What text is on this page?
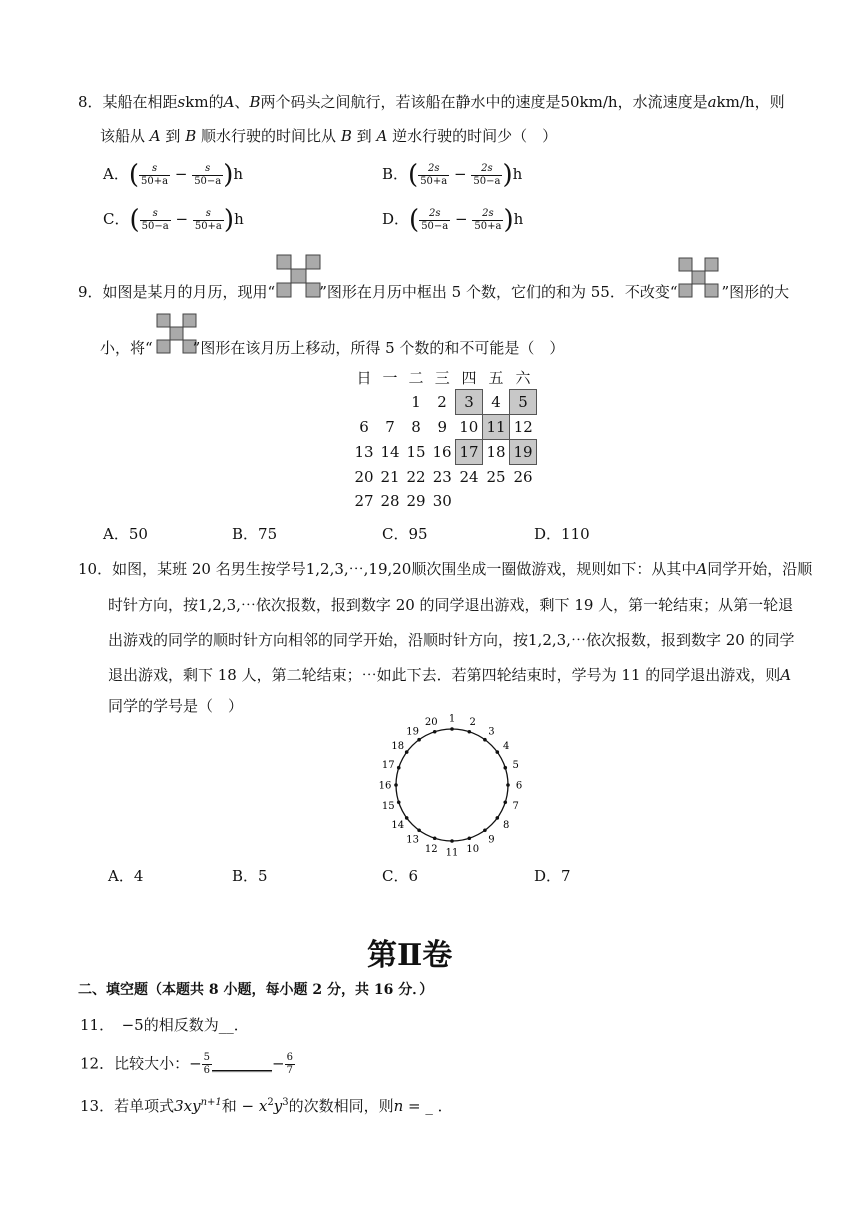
8．某船在相距skm的A、B两个码头之间航行，若该船在静水中的速度是50km/h，水流速度是akm/h，则
该船从 A 到 B 顺水行驶的时间比从 B 到 A 逆水行驶的时间少（　）
A．( $\frac{s}{50+a} - \frac{s}{50-a} )h$	B．( $\frac{2s}{50+a} - \frac{2s}{50-a} )h$
C．( $\frac{s}{50-a} - \frac{s}{50+a} )h$	D．( $\frac{2s}{50-a} - \frac{2s}{50+a} )h$
9．如图是某月的月历，现用“	”图形在月历中框出 5 个数，它们的和为 55．不改变“	”图形的大
小，将“	”图形在该月历上移动，所得 5 个数的和不可能是（　）
日	一	二	三	四	五	六
		1	2	3	4	5
6	7	8	9	10	11	12
13	14	15	16	17	18	19
20	21	22	23	24	25	26
27	28	29	30			
A．50	B．75	C．95	D．110
10．如图，某班 20 名男生按学号1,2,3,⋯,19,20顺次围坐成一圈做游戏，规则如下：从其中A同学开始，沿顺
时针方向，按1,2,3,⋯依次报数，报到数字 20 的同学退出游戏，剩下 19 人，第一轮结束；从第一轮退
出游戏的同学的顺时针方向相邻的同学开始，沿顺时针方向，按1,2,3,⋯依次报数，报到数字 20 的同学
退出游戏，剩下 18 人，第二轮结束；⋯如此下去．若第四轮结束时，学号为 11 的同学退出游戏，则A
同学的学号是（　）
1 2
3
4
5
6
7
8
9
10
11
12
13
14
15
16
17
18
19
20
A．4	B．5	C．6	D．7
第Ⅱ卷
二、填空题（本题共 8 小题，每小题 2 分，共 16 分．）
11．　−5的相反数为__．
12．比较大小：− $\frac{5}{6}$ ________− $\frac{6}{7}$
13．若单项式$3xy^{n+1}$和 − $x^2y^3$的次数相同，则n = _ ．
